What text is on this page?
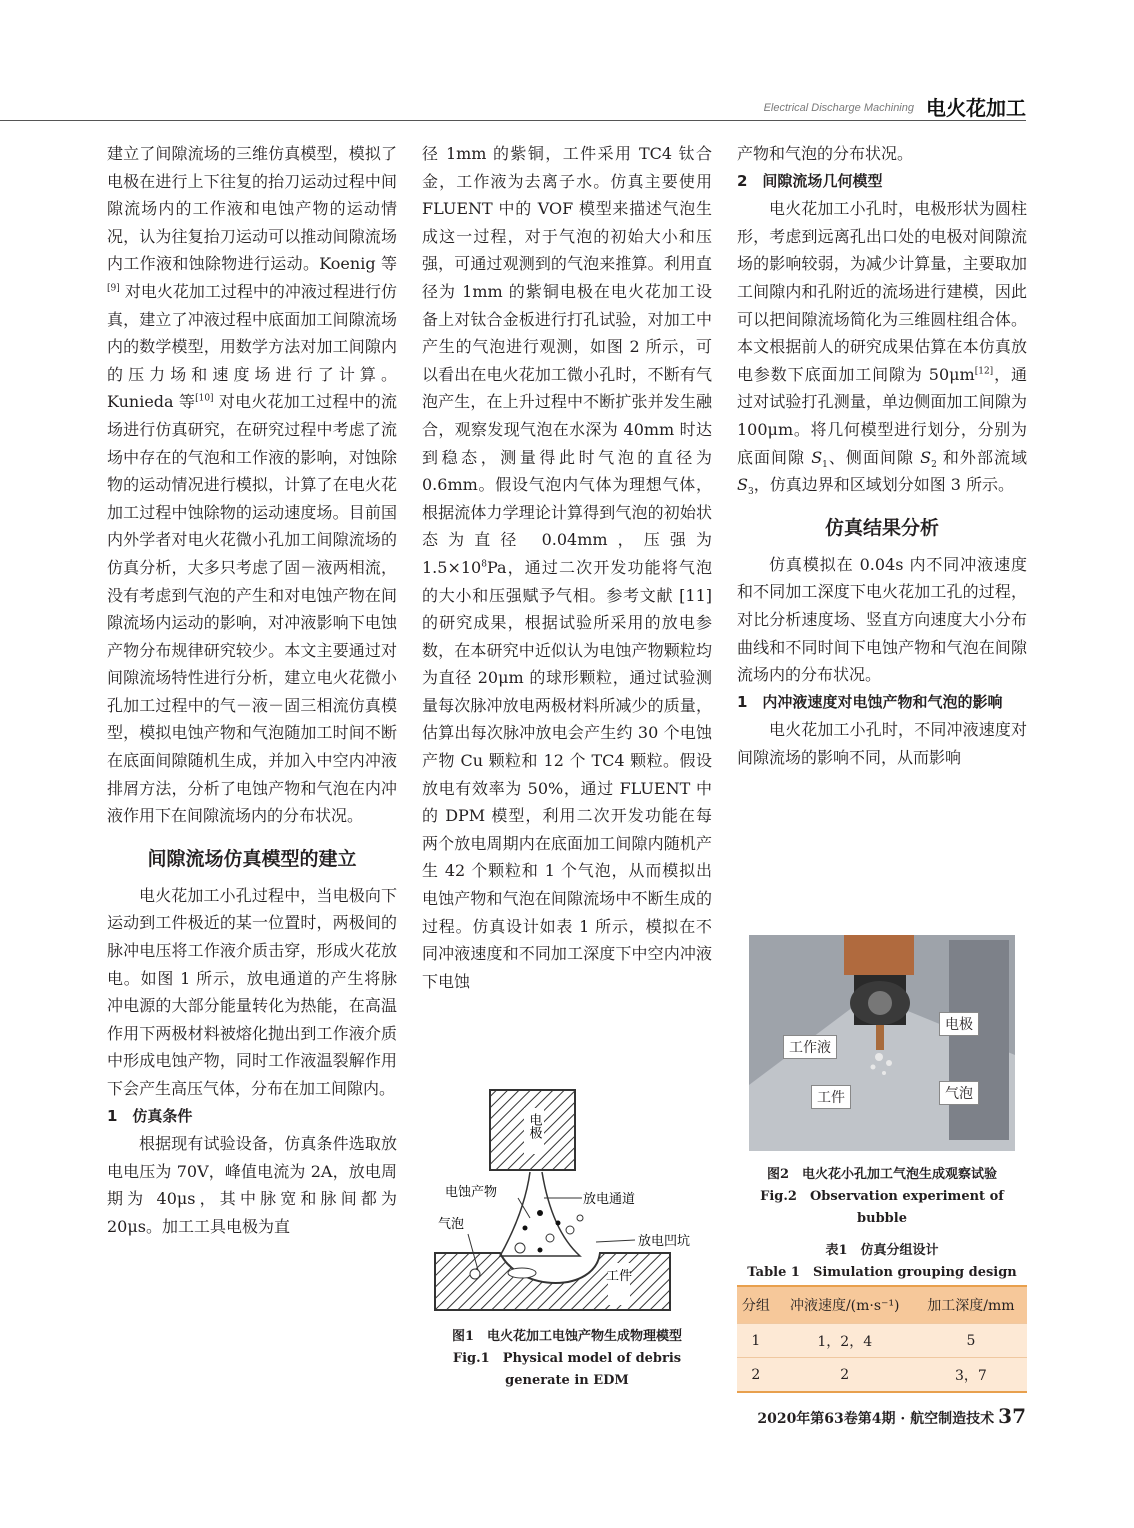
Electrical Discharge Machining 电火花加工

建立了间隙流场的三维仿真模型，模拟了电极在进行上下往复的抬刀运动过程中间隙流场内的工作液和电蚀产物的运动情况，认为往复抬刀运动可以推动间隙流场内工作液和蚀除物进行运动。Koenig 等[9] 对电火花加工过程中的冲液过程进行仿真，建立了冲液过程中底面加工间隙流场内的数学模型，用数学方法对加工间隙内的压力场和速度场进行了计算。Kunieda 等[10] 对电火花加工过程中的流场进行仿真研究，在研究过程中考虑了流场中存在的气泡和工作液的影响，对蚀除物的运动情况进行模拟，计算了在电火花加工过程中蚀除物的运动速度场。目前国内外学者对电火花微小孔加工间隙流场的仿真分析，大多只考虑了固－液两相流，没有考虑到气泡的产生和对电蚀产物在间隙流场内运动的影响，对冲液影响下电蚀产物分布规律研究较少。本文主要通过对间隙流场特性进行分析，建立电火花微小孔加工过程中的气－液－固三相流仿真模型，模拟电蚀产物和气泡随加工时间不断在底面间隙随机生成，并加入中空内冲液排屑方法，分析了电蚀产物和气泡在内冲液作用下在间隙流场内的分布状况。

间隙流场仿真模型的建立

电火花加工小孔过程中，当电极向下运动到工件极近的某一位置时，两极间的脉冲电压将工作液介质击穿，形成火花放电。如图 1 所示，放电通道的产生将脉冲电源的大部分能量转化为热能，在高温作用下两极材料被熔化抛出到工作液介质中形成电蚀产物，同时工作液温裂解作用下会产生高压气体，分布在加工间隙内。

1　仿真条件

根据现有试验设备，仿真条件选取放电电压为 70V，峰值电流为 2A，放电周期为 40μs，其中脉宽和脉间都为 20μs。加工工具电极为直

径 1mm 的紫铜，工件采用 TC4 钛合金，工作液为去离子水。仿真主要使用 FLUENT 中的 VOF 模型来描述气泡生成这一过程，对于气泡的初始大小和压强，可通过观测到的气泡来推算。利用直径为 1mm 的紫铜电极在电火花加工设备上对钛合金板进行打孔试验，对加工中产生的气泡进行观测，如图 2 所示，可以看出在电火花加工微小孔时，不断有气泡产生，在上升过程中不断扩张并发生融合，观察发现气泡在水深为 40mm 时达到稳态，测量得此时气泡的直径为 0.6mm。假设气泡内气体为理想气体，根据流体力学理论计算得到气泡的初始状态为直径 0.04mm，压强为 $1.5\times 10^8Pa$，通过二次开发功能将气泡的大小和压强赋予气相。参考文献 [11] 的研究成果，根据试验所采用的放电参数，在本研究中近似认为电蚀产物颗粒均为直径 20μm 的球形颗粒，通过试验测量每次脉冲放电两极材料所减少的质量，估算出每次脉冲放电会产生约 30 个电蚀产物 Cu 颗粒和 12 个 TC4 颗粒。假设放电有效率为 50%，通过 FLUENT 中的 DPM 模型，利用二次开发功能在每两个放电周期内在底面加工间隙内随机产生 42 个颗粒和 1 个气泡，从而模拟出电蚀产物和气泡在间隙流场中不断生成的过程。仿真设计如表 1 所示，模拟在不同冲液速度和不同加工深度下中空内冲液下电蚀

产物和气泡的分布状况。

2　间隙流场几何模型

电火花加工小孔时，电极形状为圆柱形，考虑到远离孔出口处的电极对间隙流场的影响较弱，为减少计算量，主要取加工间隙内和孔附近的流场进行建模，因此可以把间隙流场简化为三维圆柱组合体。本文根据前人的研究成果估算在本仿真放电参数下底面加工间隙为 50μm[12]，通过对试验打孔测量，单边侧面加工间隙为 100μm。将几何模型进行划分，分别为底面间隙 $S_1$、侧面间隙 $S_2$ 和外部流域 $S_3$，仿真边界和区域划分如图 3 所示。

仿真结果分析

仿真模拟在 0.04s 内不同冲液速度和不同加工深度下电火花加工孔的过程，对比分析速度场、竖直方向速度大小分布曲线和不同时间下电蚀产物和气泡在间隙流场内的分布状况。

1　内冲液速度对电蚀产物和气泡的影响

电火花加工小孔时，不同冲液速度对间隙流场的影响不同，从而影响

电极
工件
电蚀产物	放电通道
气泡
放电凹坑
图1　电火花加工电蚀产物生成物理模型
Fig.1　Physical model of debris generate in EDM
电极
工作液
工件	气泡
图2　电火花小孔加工气泡生成观察试验
Fig.2　Observation experiment of bubble
表1　仿真分组设计
Table 1　Simulation grouping design
分组	冲液速度/(m·s⁻¹)	加工深度/mm
1	1，2，4	5
2	2	3，7
2020年第63卷第4期 · 航空制造技术 37
